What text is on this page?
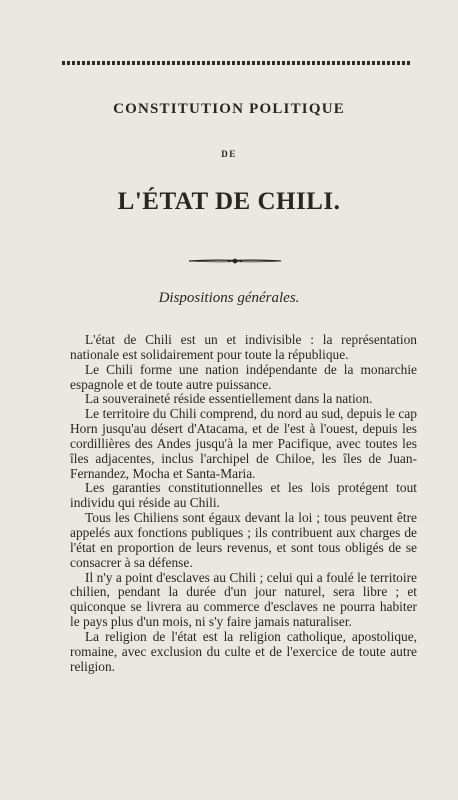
CONSTITUTION POLITIQUE
DE
L'ÉTAT DE CHILI.
Dispositions générales.

L'état de Chili est un et indivisible : la représentation nationale est solidairement pour toute la république.

Le Chili forme une nation indépendante de la monarchie espagnole et de toute autre puissance.

La souveraineté réside essentiellement dans la nation.

Le territoire du Chili comprend, du nord au sud, depuis le cap Horn jusqu'au désert d'Atacama, et de l'est à l'ouest, depuis les cordillières des Andes jusqu'à la mer Pacifique, avec toutes les îles adjacentes, inclus l'archipel de Chiloe, les îles de Juan-Fernandez, Mocha et Santa-Maria.

Les garanties constitutionnelles et les lois protégent tout individu qui réside au Chili.

Tous les Chiliens sont égaux devant la loi ; tous peuvent être appelés aux fonctions publiques ; ils contribuent aux charges de l'état en proportion de leurs revenus, et sont tous obligés de se consacrer à sa défense.

Il n'y a point d'esclaves au Chili ; celui qui a foulé le territoire chilien, pendant la durée d'un jour naturel, sera libre ; et quiconque se livrera au commerce d'esclaves ne pourra habiter le pays plus d'un mois, ni s'y faire jamais naturaliser.

La religion de l'état est la religion catholique, apostolique, romaine, avec exclusion du culte et de l'exercice de toute autre religion.
